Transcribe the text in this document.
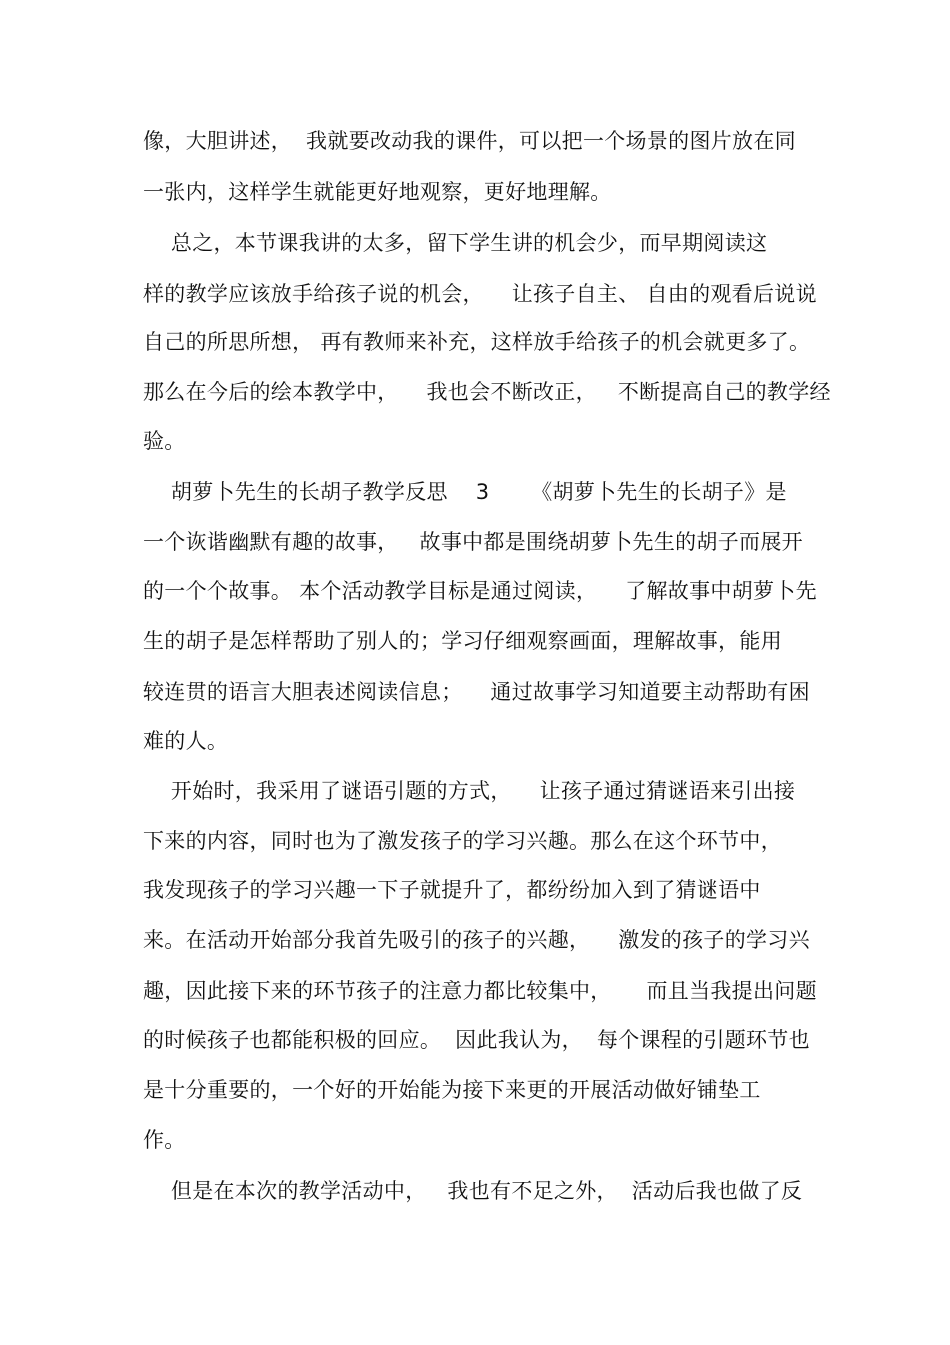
像，大胆讲述，  我就要改动我的课件，可以把一个场景的图片放在同
一张内，这样学生就能更好地观察，更好地理解。
总之，本节课我讲的太多，留下学生讲的机会少，而早期阅读这
样的教学应该放手给孩子说的机会，    让孩子自主、 自由的观看后说说
自己的所思所想， 再有教师来补充，这样放手给孩子的机会就更多了。
那么在今后的绘本教学中，    我也会不断改正，   不断提高自己的教学经
验。
胡萝卜先生的长胡子教学反思    3      《胡萝卜先生的长胡子》是
一个诙谐幽默有趣的故事，   故事中都是围绕胡萝卜先生的胡子而展开
的一个个故事。 本个活动教学目标是通过阅读，    了解故事中胡萝卜先
生的胡子是怎样帮助了别人的；学习仔细观察画面，理解故事，能用
较连贯的语言大胆表述阅读信息；    通过故事学习知道要主动帮助有困
难的人。
开始时，我采用了谜语引题的方式，    让孩子通过猜谜语来引出接
下来的内容，同时也为了激发孩子的学习兴趣。那么在这个环节中，
我发现孩子的学习兴趣一下子就提升了，都纷纷加入到了猜谜语中
来。在活动开始部分我首先吸引的孩子的兴趣，    激发的孩子的学习兴
趣，因此接下来的环节孩子的注意力都比较集中，     而且当我提出问题
的时候孩子也都能积极的回应。  因此我认为，  每个课程的引题环节也
是十分重要的，一个好的开始能为接下来更的开展活动做好铺垫工
作。
但是在本次的教学活动中，   我也有不足之外，  活动后我也做了反
